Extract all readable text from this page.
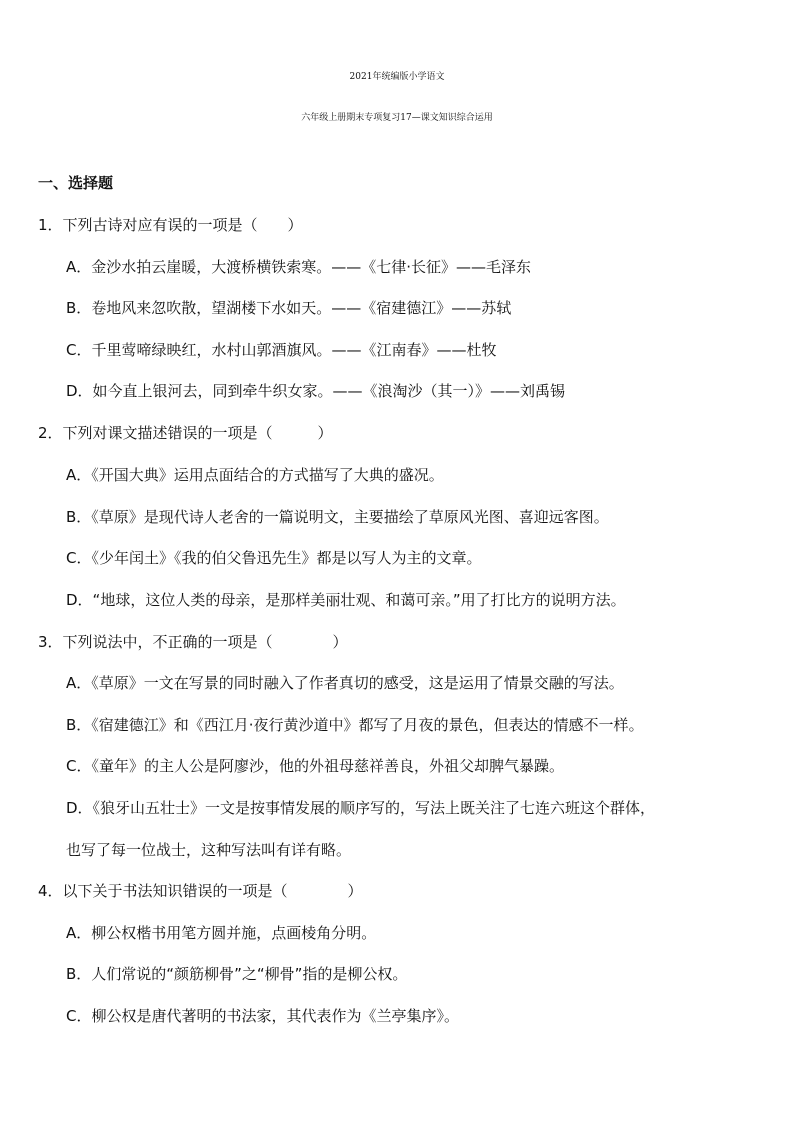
2021年统编版小学语文
六年级上册期末专项复习17—课文知识综合运用
一、选择题
1．下列古诗对应有误的一项是（　　）
A．金沙水拍云崖暖，大渡桥横铁索寒。——《七律·长征》——毛泽东
B．卷地风来忽吹散，望湖楼下水如天。——《宿建德江》——苏轼
C．千里莺啼绿映红，水村山郭酒旗风。——《江南春》——杜牧
D．如今直上银河去，同到牵牛织女家。——《浪淘沙（其一）》——刘禹锡
2．下列对课文描述错误的一项是（　　　）
A．《开国大典》运用点面结合的方式描写了大典的盛况。
B．《草原》是现代诗人老舍的一篇说明文，主要描绘了草原风光图、喜迎远客图。
C．《少年闰土》《我的伯父鲁迅先生》都是以写人为主的文章。
D．“地球，这位人类的母亲，是那样美丽壮观、和蔼可亲。”用了打比方的说明方法。
3．下列说法中，不正确的一项是（　　　　）
A．《草原》一文在写景的同时融入了作者真切的感受，这是运用了情景交融的写法。
B．《宿建德江》和《西江月·夜行黄沙道中》都写了月夜的景色，但表达的情感不一样。
C．《童年》的主人公是阿廖沙，他的外祖母慈祥善良，外祖父却脾气暴躁。
D．《狼牙山五壮士》一文是按事情发展的顺序写的，写法上既关注了七连六班这个群体，
也写了每一位战士，这种写法叫有详有略。
4．以下关于书法知识错误的一项是（　　　　）
A．柳公权楷书用笔方圆并施，点画棱角分明。
B．人们常说的“颜筋柳骨”之“柳骨”指的是柳公权。
C．柳公权是唐代著明的书法家，其代表作为《兰亭集序》。
